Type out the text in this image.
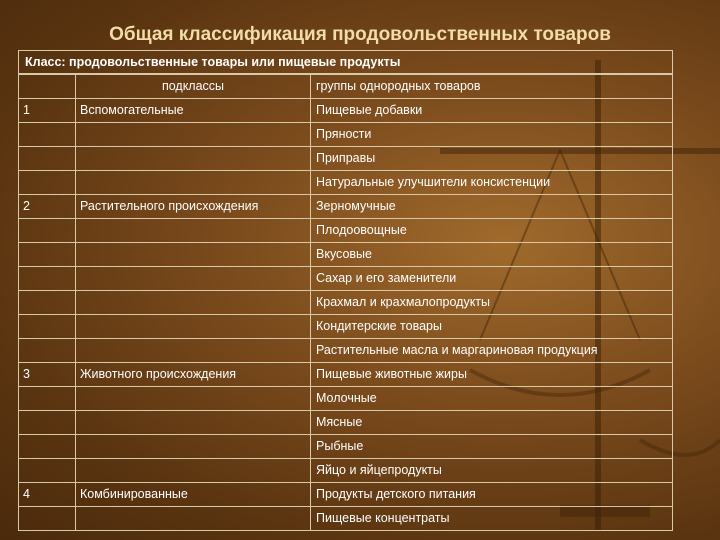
Общая классификация продовольственных товаров
Класс: продовольственные товары или пищевые продукты
	подклассы	группы однородных товаров
1	Вспомогательные	Пищевые добавки
		Пряности
		Приправы
		Натуральные улучшители консистенции
2	Растительного происхождения	Зерномучные
		Плодоовощные
		Вкусовые
		Сахар и его заменители
		Крахмал и крахмалопродукты
		Кондитерские товары
		Растительные масла и маргариновая продукция
3	Животного происхождения	Пищевые животные жиры
		Молочные
		Мясные
		Рыбные
		Яйцо и яйцепродукты
4	Комбинированные	Продукты детского питания
		Пищевые концентраты
